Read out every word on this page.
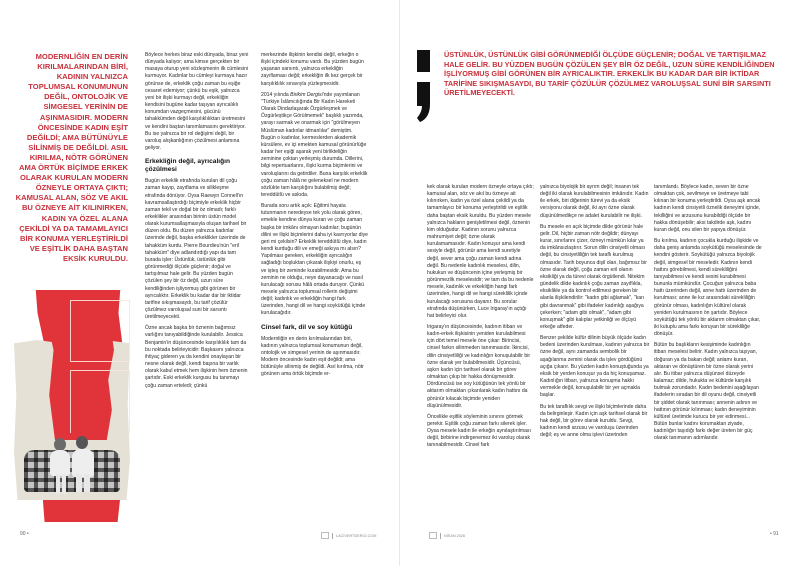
MODERNLİĞİN EN DERİN KIRILMALARINDAN BİRİ, KADININ YALNIZCA TOPLUMSAL KONUMUNUN DEĞİL, ONTOLOJİK VE SİMGESEL YERİNİN DE AŞINMASIDIR. MODERN ÖNCESİNDE KADIN EŞİT DEĞİLDİ; AMA BÜTÜNÜYLE SİLİNMİŞ DE DEĞİLDİ. ASIL KIRILMA, NÖTR GÖRÜNEN AMA ÖRTÜK BİÇİMDE ERKEK OLARAK KURULAN MODERN ÖZNEYLE ORTAYA ÇIKTI; KAMUSAL ALAN, SÖZ VE AKIL BU ÖZNEYE AİT KILINIRKEN, KADIN YA ÖZEL ALANA ÇEKİLDİ YA DA TAMAMLAYICI BİR KONUMA YERLEŞTİRİLDİ VE EŞİTLİK DAHA BAŞTAN EKSİK KURULDU.

Böylece herkes biraz eski dünyada, biraz yeni dünyada kalıyor; ama kimse gerçekten bir masaya oturup yeni sözleşmenin ilk cümlesini kurmuyor. Kadınlar bu cümleyi kurmaya hazır görünse de, erkeklik çoğu zaman bu eşiğe cesaret edemiyor; çünkü bu eşik, yalnızca yeni bir ilişki kurmayı değil, erkekliğin kendisini bugüne kadar taşıyan ayrıcalıklı konumdan vazgeçmesini, gücünü tahakkümden değil karşılıklılıktan üretmesini ve kendini baştan tanımlamasını gerektiriyor. Bu ise yalnızca bir rol değişimi değil, bir varoluş alışkanlığının çözülmesi anlamına geliyor.

Erkekliğin değil, ayrıcalığın çözülmesi

Bugün erkeklik etrafında kurulan dil çoğu zaman kayıp, zayıflama ve silikleşme etrafında dönüyor. Oysa Raewyn Connell'ın kavramsallaştırdığı biçimiyle erkeklik hiçbir zaman tekil ve doğal bir öz olmadı; farklı erkeklikler arasından birinin üstün model olarak kurumsallaşmasıyla oluşan tarihsel bir düzen oldu. Bu düzen yalnızca kadınlar üzerinde değil, başka erkeklikler üzerinde de tahakküm kurdu. Pierre Bourdieu'nün "eril tahakküm" diye adlandırdığı yapı da tam burada işler: Üstünlük, üstünlük gibi görünmediği ölçüde güçlenir; doğal ve tartışılmaz hale gelir. Bu yüzden bugün çözülen şey bir öz değil, uzun süre kendiliğinden işliyormuş gibi görünen bir ayrıcalıktır. Erkeklik bu kadar dar bir iktidar tarifine sıkışmasaydı, bu tarif çözülür çözülmez varoluşsal suni bir sarsıntı üretilmeyecekti.

Özne ancak başka bir öznenin bağımsız varlığını tanıyabildiğinde kurulabilir. Jessica Benjamin'in düşüncesinde karşılıklılık tam da bu noktada belirleyicidir: Başkasını yalnızca ihtiyaç gideren ya da kendini onaylayan bir nesne olarak değil, kendi başına bir varlık olarak kabul etmek hem ilişkinin hem öznenin şartıdır. Eski erkeklik kurgusu bu tanımayı çoğu zaman erteledi; çünkü

merkezinde ilişkinin kendisi değil, erkeğin o ilişki içindeki konumu vardı. Bu yüzden bugün yaşanan sarsıntı, yalnızca erkekliğin zayıflaması değil; erkekliğin ilk kez gerçek bir karşılıklılık sınavıyla yüzleşmesidir.

2014 yılında Birikim Dergisi'nde yayımlanan "Türkiye İslâmcılığında Bir Kadın Hareketi Olarak Dindarlaşarak Özgürleşmek ve Özgürleştikçe Görülmemek" başlıklı yazımda, yarayı sarmak ve onarmak için "görülmeyen Müslüman kadınlar idmanlılar" demiştim. Bugün o kadınlar, kermeslerden akademik kürsülere, ev içi emekten kamusal görünürlüğe kadar her eşiği aşarak yeni birlikteliğin zeminine çoktan yerleşmiş durumda. Dillerini, bilgi repertuarlarını, ilişki kurma biçimlerini ve varoluşlarını da getirdiler. Buna karşılık erkeklik çoğu zaman hâlâ ne geleneksel ne modern sözlükte tam karşılığını bulabilmiş değil; tereddütlü ve askıda.

Burada soru artık açık: Eğitimi hayata tutunmanın neredeyse tek yolu olarak gören, emekle kendine dünya kuran ve çoğu zaman başka bir imkânı olmayan kadınlar; bugünün dilini ve ilişki biçimlerini daha iyi kavrıyorlar diye geri mi çekilsin? Erkeklik tereddütlü diye, kadın kendi kurduğu dili ve emeği askıya mı alsın? Yapılması gereken, erkekliğin ayrıcalığın sağladığı boşluktan çıkarak ilişkiyi onurlu, eş ve işteş bir zeminde kurabilmesidir. Ama bu zeminin ne olduğu, neye dayanacağı ve nasıl kurulacağı sorusu hâlâ ortada duruyor. Çünkü mesele yalnızca toplumsal rollerin değişimi değil; kadınlık ve erkekliğin hangi fark üzerinden, hangi dil ve hangi soykütüğü içinde kurulacağıdır.

Cinsel fark, dil ve soy kütüğü

Modernliğin en derin kırılmalarından biri, kadının yalnızca toplumsal konumunun değil, ontolojik ve simgesel yerinin de aşınmasıdır. Modern öncesinde kadın eşit değildi; ama bütünüyle silinmiş de değildi. Asıl kırılma, nötr görünen ama örtük biçimde er-

90 •	LACİVERTDERGİ.COM
ÜSTÜNLÜK, ÜSTÜNLÜK GİBİ GÖRÜNMEDİĞİ ÖLÇÜDE GÜÇLENİR; DOĞAL VE TARTIŞILMAZ HALE GELİR. BU YÜZDEN BUGÜN ÇÖZÜLEN ŞEY BİR ÖZ DEĞİL, UZUN SÜRE KENDİLİĞİNDEN İŞLİYORMUŞ GİBİ GÖRÜNEN BİR AYRICALIKTIR. ERKEKLİK BU KADAR DAR BİR İKTİDAR TARİFİNE SIKIŞMASAYDI, BU TARİF ÇÖZÜLÜR ÇÖZÜLMEZ VAROLUŞSAL SUNİ BİR SARSINTI ÜRETİLMEYECEKTİ.

kek olarak kurulan modern özneyle ortaya çıktı; kamusal alan, söz ve akıl bu özneye ait kılınırken, kadın ya özel alana çekildi ya da tamamlayıcı bir konuma yerleştirildi ve eşitlik daha baştan eksik kuruldu. Bu yüzden mesele yalnızca hakların genişletilmesi değil, öznenin kim olduğudur. Kadının sorunu yalnızca mahrumiyet değil; özne olarak kurulamamasıdır. Kadın konuşur ama kendi sesiyle değil, görünür ama kendi suretiyle değil, sever ama çoğu zaman kendi adına değil. Bu nedenle kadınlık meselesi, dilin, hukukun ve düşüncenin içine yerleşmiş bir görünmezlik meselesidir; ve tam da bu nedenle mesele, kadınlık ve erkekliğin hangi fark üzerinden, hangi dil ve hangi süreklilik içinde kurulacağı sorusuna dayanır. Bu sorular etrafında düşünürken, Luce Irigaray'ın açtığı hat belirleyici olur.

Irigaray'ın düşüncesinde, kadının itibarı ve kadın-erkek ilişkisinin yeniden kurulabilmesi için dört temel mesele öne çıkar: Birincisi, cinsel farkın silinmeden tanınmasıdır. İkincisi, dilin cinsiyetliliği ve kadınlığın konuşulabilir bir özne olarak yer bulabilmesidir. Üçüncüsü, aşkın kadın için tarihsel olarak bir görev olmaktan çıkıp bir hakka dönüşmesidir. Dördüncüsü ise soy kütüğünün tek yönlü bir aktarım olmaktan çıkarılarak kadın hattını da görünür kılacak biçimde yeniden düşünülmesidir.

Öncelikle eşitlik söyleminin sınırını görmek gerekir. Eşitlik çoğu zaman farkı silerek işler. Oysa mesele kadın ile erkeğin aynılaştırılması değil, birbirine indirgenemez iki varoluş olarak tanınabilmesidir. Cinsel fark

yalnızca biyolojik bir ayrım değil; insanın tek değil iki olarak kurulabilmesinin imkânıdır. Kadın ile erkek, biri diğerinin türevi ya da eksik versiyonu olarak değil, iki ayrı özne olarak düşünülmedikçe ne adalet kurulabilir ne ilişki.

Bu mesele en açık biçimde dilde görünür hale gelir. Dil, hiçbir zaman nötr değildir; dünyayı kurar, sınırlarını çizer, özneyi mümkün kılar ya da imkânsızlaştırır. Sorun dilin cinsiyetli olması değil, bu cinsiyetliliğin tek taraflı kurulmuş olmasıdır. Tarih boyunca dişil olan, bağımsız bir özne olarak değil, çoğu zaman eril olanın eksikliği ya da türevi olarak örgütlendi. Nitekim gündelik dilde kadınlık çoğu zaman zayıflıkla, eksiklikle ya da kontrol edilmesi gereken bir alanla ilişkilendirilir: "kadın gibi ağlamak", "karı gibi davranmak" gibi ifadeler kadınlığı aşağıya çekerken; "adam gibi olmak", "adam gibi konuşmak" gibi kalıplar yetkinliği ve ölçüyü erkeğe atfeder.

Benzer şekilde küfür dilinin büyük ölçüde kadın bedeni üzerinden kurulması, kadının yalnızca bir özne değil, aynı zamanda sembolik bir aşağılanma zemini olarak da işlev gördüğünü açığa çıkarır. Bu yüzden kadın konuştuğunda ya eksik bir yerden konuşur ya da hiç konuşamaz. Kadınlığın itibarı, yalnızca konuşma hakkı vermekle değil, konuşulabilir bir yer açmakla başlar.

Bu tek taraflılık sevgi ve ilişki biçimlerinde daha da belirginleşir. Kadın için aşk tarihsel olarak bir hak değil, bir görev olarak kuruldu. Sevgi, kadının kendi arzusu ve varoluşu üzerinden değil; eş ve anne olma işlevi üzerinden

tanımlandı. Böylece kadın, seven bir özne olmaktan çok, sevilmeye ve üretmeye tabi kılınan bir konuma yerleştirildi. Oysa aşk ancak kadının kendi cinsiyetli öznelik deneyimi içinde, tekilliğini ve arzusunu kurabildiği ölçüde bir hakka dönüşebilir; aksi takdirde aşk, kadını kuran değil, onu silen bir yapıya dönüşür.

Bu kırılma, kadının çocukla kurduğu ilişkide ve daha geniş anlamda soykütüğü meselesinde de kendini gösterir. Soykütüğü yalnızca biyolojik değil, simgesel bir meseledir. Kadının kendi hattını görebilmesi, kendi sürekliliğini tanıyabilmesi ve kendi sesini kurabilmesi bununla mümkündür. Çocuğun yalnızca baba hattı üzerinden değil, anne hattı üzerinden de kurulması; anne ile kız arasındaki sürekliliğin görünür olması, kadınlığın kültürel olarak yeniden kurulmasının ön şartıdır. Böylece soykütüğü tek yönlü bir aktarım olmaktan çıkar, iki kutuplu ama farkı koruyan bir sürekliliğe dönüşür.

Bütün bu başlıkların kesişiminde kadınlığın itibarı meselesi belirir. Kadın yalnızca taşıyan, doğuran ya da bakan değil; anlamı kuran, aktaran ve dönüştüren bir özne olarak yerini alır. Bu itibar yalnızca düşünsel düzeyde kalamaz; dilde, hukukta ve kültürde karşılık bulmak zorundadır. Kadın bedenini aşağılayan ifadelerin sıradan bir dil oyunu değil, cinsiyetli bir şiddet olarak tanınması; annenin adının ve hattının görünür kılınması; kadın deneyiminin kültürel üretimde kurucu bir yer edinmesi... Bütün bunlar kadını korumaktan ziyade, kadınlığın taşıdığı farkı değer üreten bir güç olarak tanımanın adımlarıdır.

NİSAN 2026	• 91
